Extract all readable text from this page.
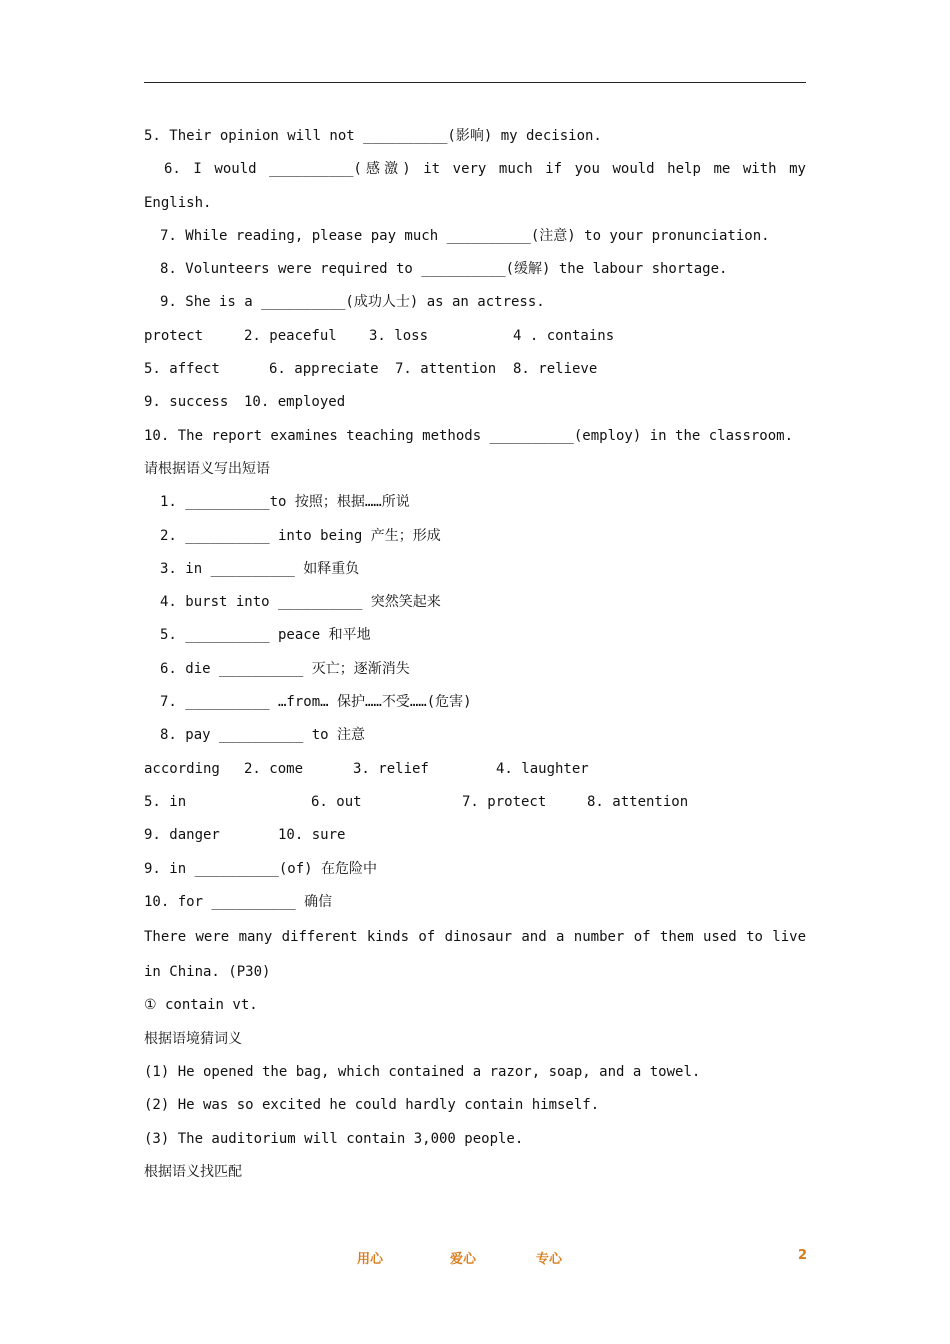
5. Their opinion will not __________(影响) my decision.
6. I would __________(感激) it very much if you would help me with my
English.
7. While reading, please pay much __________(注意) to your pronunciation.
8. Volunteers were required to __________(缓解) the labour shortage.
9. She is a __________(成功人士) as an actress.
protect	2. peaceful	3. loss	4 . contains
5. affect	6. appreciate	7. attention	8. relieve
9. success	10. employed
10. The report examines teaching methods __________(employ) in the classroom.
请根据语义写出短语
1. __________to 按照；根据……所说
2. __________ into being 产生；形成
3. in __________ 如释重负
4. burst into __________ 突然笑起来
5. __________ peace 和平地
6. die __________ 灭亡；逐渐消失
7. __________ …from… 保护……不受……(危害)
8. pay __________ to 注意
according	2. come	3. relief	4. laughter
5. in	6. out	7. protect	8. attention
9. danger	10. sure
9. in __________(of) 在危险中
10. for __________ 确信
There were many different kinds of dinosaur and a number of them used to live
in China. (P30)
① contain vt.
根据语境猜词义
(1) He opened the bag, which contained a razor, soap, and a towel.
(2) He was so excited he could hardly contain himself.
(3) The auditorium will contain 3,000 people.
根据语义找匹配
用心	爱心	专心	2
